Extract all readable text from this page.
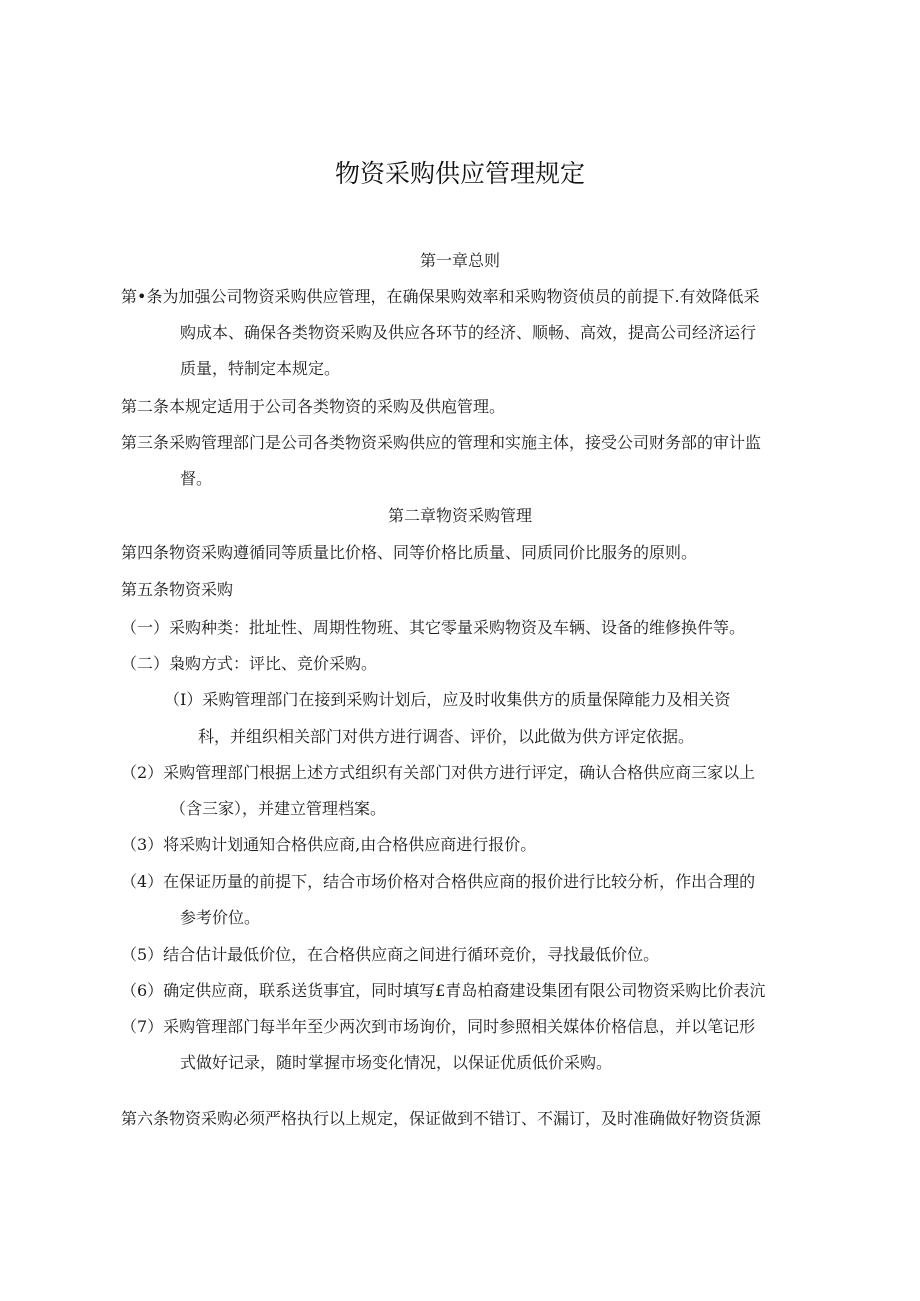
物资采购供应管理规定
第一章总则
第•条为加强公司物资采购供应管理，在确保果购效率和采购物资侦员的前提下.有效降低采
购成本、确保各类物资采购及供应各环节的经济、顺畅、高效，提高公司经济运行
质量，特制定本规定。
第二条本规定适用于公司各类物资的采购及供庖管理。
第三条采购管理部门是公司各类物资采购供应的管理和实施主体，接受公司财务部的审计监
督。
第二章物资采购管理
第四条物资采购遵循同等质量比价格、同等价格比质量、同质同价比服务的原则。
第五条物资采购
（一）采购种类：批址性、周期性物班、其它零量采购物资及车辆、设备的维修换件等。
（二）枭购方式：评比、竞价采购。
（I）采购管理部门在接到采购计划后，应及时收集供方的质量保障能力及相关资
科，并组织相关部门对供方进行调沓、评价，以此做为供方评定依据。
（2）采购管理部门根据上述方式组织有关部门对供方进行评定，确认合格供应商三家以上
（含三家），并建立管理档案。
（3）将采购计划通知合格供应商,由合格供应商进行报价。
（4）在保证历量的前提下，结合市场价格对合格供应商的报价进行比较分析，作出合理的
参考价位。
（5）结合估计最低价位，在合格供应商之间进行循环竞价，寻找最低价位。
（6）确定供应商，联系送货事宜，同时填写£青岛柏裔建设集团有限公司物资采购比价表沆
（7）采购管理部门每半年至少两次到市场询价，同时参照相关媒体价格信息，并以笔记形
式做好记录，随时掌握市场变化情况，以保证优质低价采购。
第六条物资采购必须严格执行以上规定，保证做到不错订、不漏订，及时准确做好物资货源
